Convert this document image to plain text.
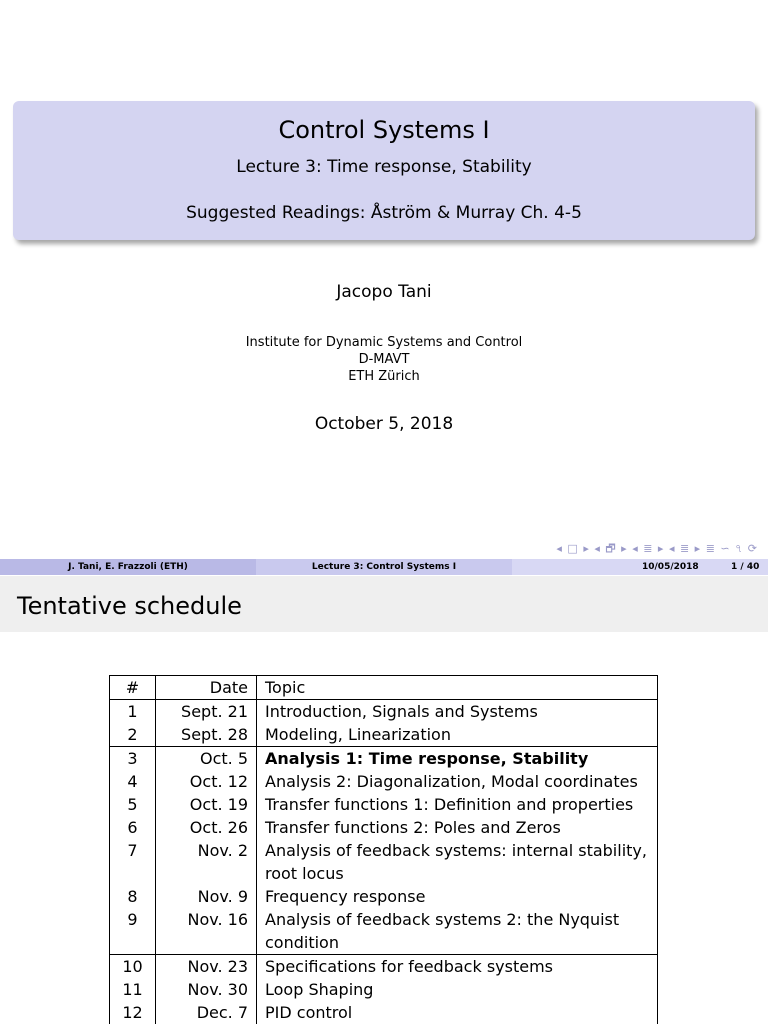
Control Systems I
Lecture 3: Time response, Stability
Suggested Readings: Åström & Murray Ch. 4-5
Jacopo Tani
Institute for Dynamic Systems and Control
D-MAVT
ETH Zürich
October 5, 2018
◂ □ ▸ ◂ 🗗 ▸ ◂ ≣ ▸ ◂ ≣ ▸ ≣ ∽ ৭ ⟳
J. Tani, E. Frazzoli (ETH)	Lecture 3: Control Systems I	10/05/2018	1 / 40
Tentative schedule
#	Date	Topic
1	Sept. 21	Introduction, Signals and Systems
2	Sept. 28	Modeling, Linearization
3	Oct. 5	Analysis 1: Time response, Stability
4	Oct. 12	Analysis 2: Diagonalization, Modal coordinates
5	Oct. 19	Transfer functions 1: Definition and properties
6	Oct. 26	Transfer functions 2: Poles and Zeros
7	Nov. 2	Analysis of feedback systems: internal stability, root locus
8	Nov. 9	Frequency response
9	Nov. 16	Analysis of feedback systems 2: the Nyquist condition
10	Nov. 23	Specifications for feedback systems
11	Nov. 30	Loop Shaping
12	Dec. 7	PID control
